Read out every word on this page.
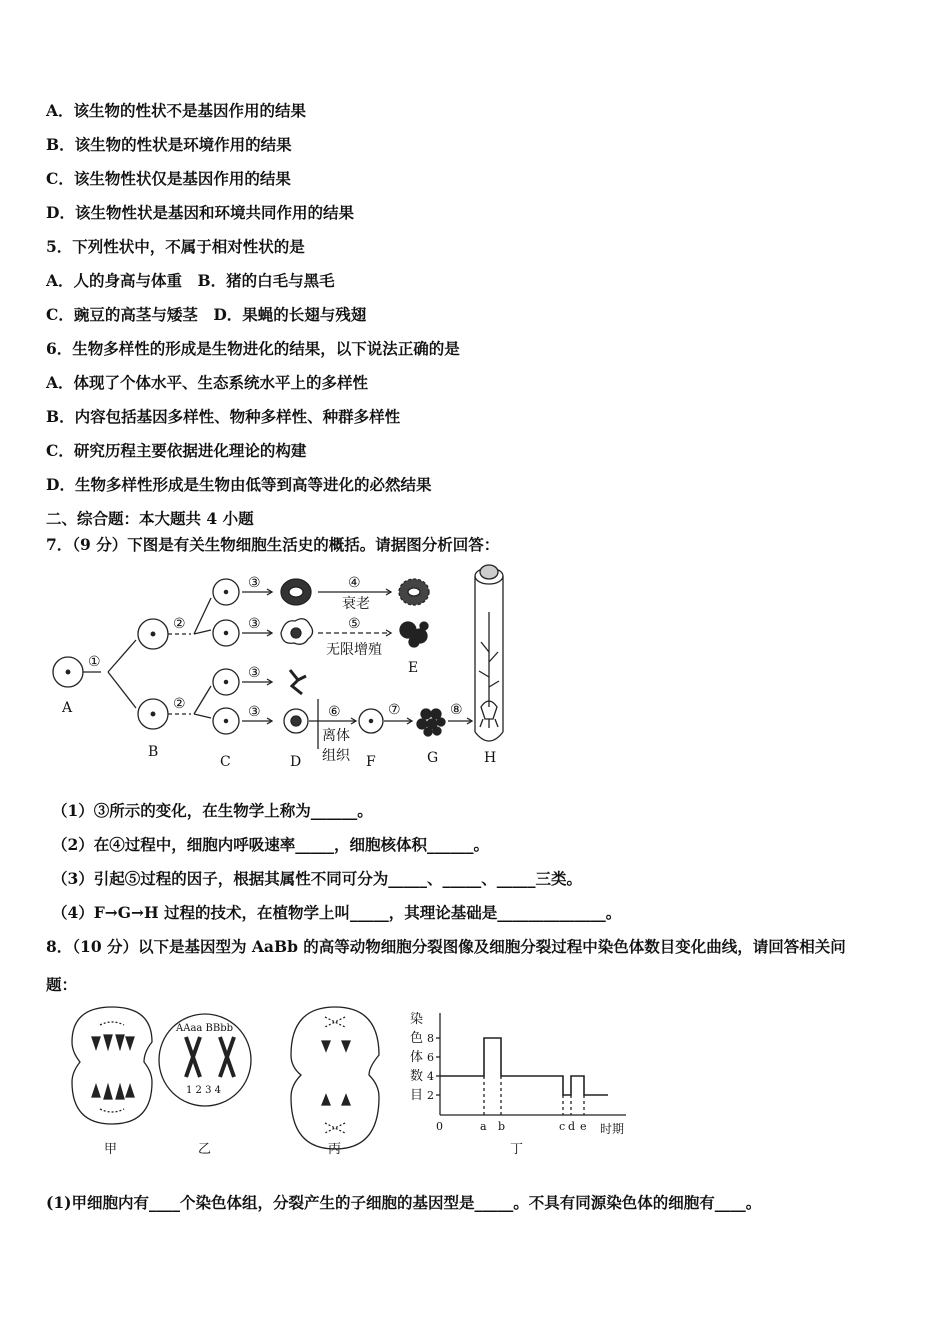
A．该生物的性状不是基因作用的结果
B．该生物的性状是环境作用的结果
C．该生物性状仅是基因作用的结果
D．该生物性状是基因和环境共同作用的结果
5．下列性状中，不属于相对性状的是
A．人的身高与体重　B．猪的白毛与黑毛
C．豌豆的高茎与矮茎　D．果蝇的长翅与残翅
6．生物多样性的形成是生物进化的结果，以下说法正确的是
A．体现了个体水平、生态系统水平上的多样性
B．内容包括基因多样性、物种多样性、种群多样性
C．研究历程主要依据进化理论的构建
D．生物多样性形成是生物由低等到高等进化的必然结果
二、综合题：本大题共 4 小题
7．（9 分）下图是有关生物细胞生活史的概括。请据图分析回答：
A
B
C	D
E
F	G	H
①
②
②
③
③
③
③
④
衰老
⑤
无限增殖
⑥
离体
组织
⑦	⑧
（1）③所示的变化，在生物学上称为______。
（2）在④过程中，细胞内呼吸速率_____，细胞核体积______。
（3）引起⑤过程的因子，根据其属性不同可分为_____、_____、_____三类。
（4）F→G→H 过程的技术，在植物学上叫_____，其理论基础是______________。
8．（10 分）以下是基因型为 AaBb 的高等动物细胞分裂图像及细胞分裂过程中染色体数目变化曲线，请回答相关问
题：
甲	乙	丙	丁
AAaa BBbb
1 2 3 4
染
色
体
数
目
8
6
4
2
0	a b	c d e 时期
(1)甲细胞内有____个染色体组，分裂产生的子细胞的基因型是_____。不具有同源染色体的细胞有____。
